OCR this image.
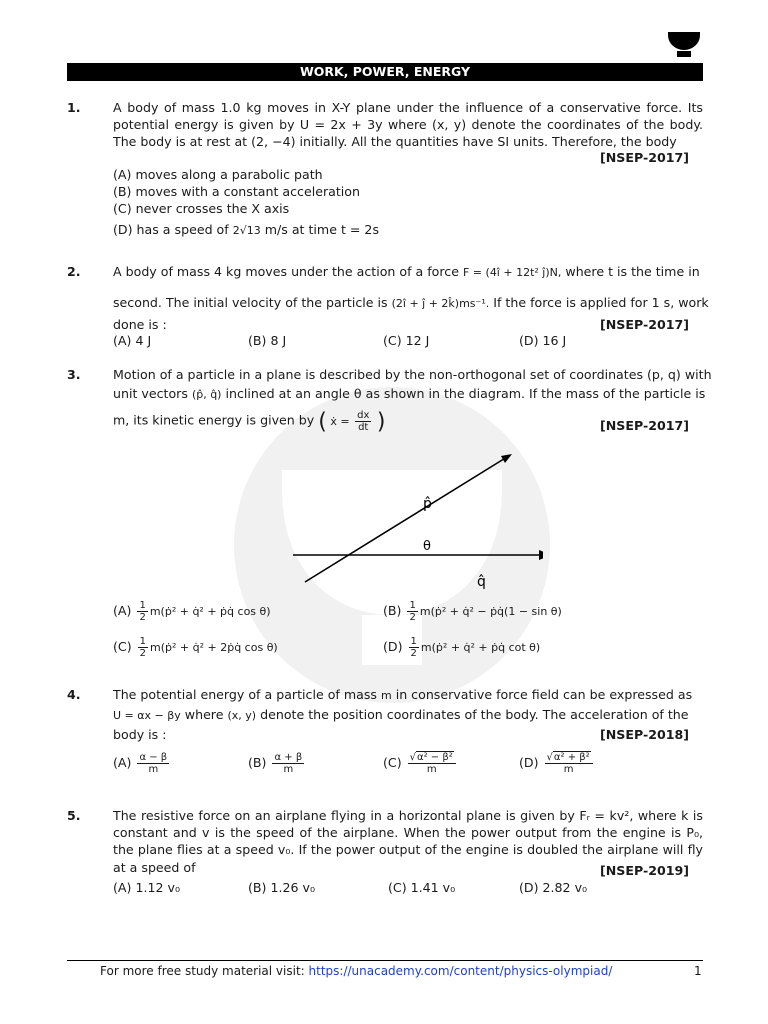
WORK, POWER, ENERGY
1.	A body of mass 1.0 kg moves in X-Y plane under the influence of a conservative force. Its potential energy is given by U = 2x + 3y where (x, y) denote the coordinates of the body. The body is at rest at (2, −4) initially. All the quantities have SI units. Therefore, the body
[NSEP-2017]
(A) moves along a parabolic path
(B) moves with a constant acceleration
(C) never crosses the X axis
(D) has a speed of 2√13 m/s at time t = 2s
2.	A body of mass 4 kg moves under the action of a force F = (4î + 12t² ĵ)N, where t is the time in
second. The initial velocity of the particle is (2î + ĵ + 2k̂)ms⁻¹. If the force is applied for 1 s, work
done is :	[NSEP-2017]
(A) 4 J	(B) 8 J	(C) 12 J	(D) 16 J
3.	Motion of a particle in a plane is described by the non-orthogonal set of coordinates (p, q) with
unit vectors (p̂, q̂) inclined at an angle θ as shown in the diagram. If the mass of the particle is
m, its kinetic energy is given by ( ẋ = $\frac{dx}{dt}$ )	[NSEP-2017]
p̂
θ
q̂
$(A) \frac{1}{2}$ m(ṗ² + q̇² + ṗq̇ cos θ)	$(B) \frac{1}{2}$ m(ṗ² + q̇² − ṗq̇(1 − sin θ)
$(C) \frac{1}{2}$ m(ṗ² + q̇² + 2ṗq̇ cos θ)	$(D) \frac{1}{2}$ m(ṗ² + q̇² + ṗq̇ cot θ)
4.	The potential energy of a particle of mass m in conservative force field can be expressed as
U = αx − βy where (x, y) denote the position coordinates of the body. The acceleration of the
body is :	[NSEP-2018]
$(A) \frac{\alpha - \beta}{m}$	$(B) \frac{\alpha + \beta}{m}$	$(C) \frac{\text{√α² − β²}}{m}$	$(D) \frac{\text{√α² + β²}}{m}$
5.	The resistive force on an airplane flying in a horizontal plane is given by Fᵣ = kv², where k is constant and v is the speed of the airplane. When the power output from the engine is P₀, the plane flies at a speed v₀. If the power output of the engine is doubled the airplane will fly at a speed of	[NSEP-2019]
(A) 1.12 v₀	(B) 1.26 v₀	(C) 1.41 v₀	(D) 2.82 v₀
For more free study material visit: https://unacademy.com/content/physics-olympiad/	1
